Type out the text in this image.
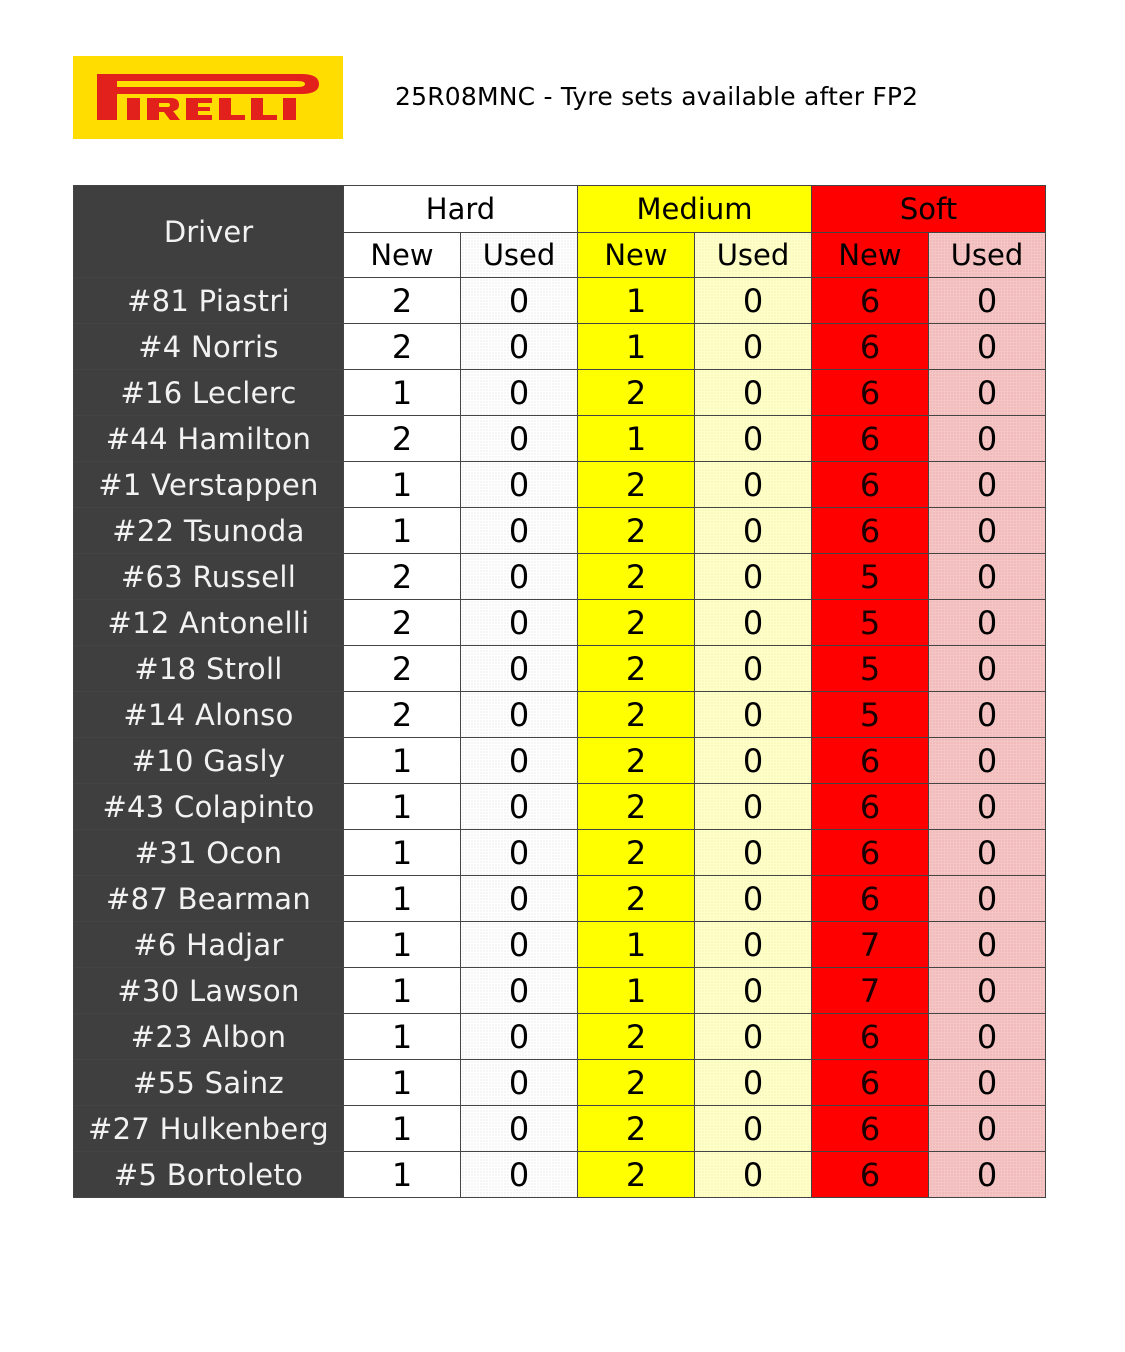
25R08MNC - Tyre sets available after FP2
Driver	Hard		Medium		Soft	
	New	Used	New	Used	New	Used
#81 Piastri	2	0	1	0	6	0
#4 Norris	2	0	1	0	6	0
#16 Leclerc	1	0	2	0	6	0
#44 Hamilton	2	0	1	0	6	0
#1 Verstappen	1	0	2	0	6	0
#22 Tsunoda	1	0	2	0	6	0
#63 Russell	2	0	2	0	5	0
#12 Antonelli	2	0	2	0	5	0
#18 Stroll	2	0	2	0	5	0
#14 Alonso	2	0	2	0	5	0
#10 Gasly	1	0	2	0	6	0
#43 Colapinto	1	0	2	0	6	0
#31 Ocon	1	0	2	0	6	0
#87 Bearman	1	0	2	0	6	0
#6 Hadjar	1	0	1	0	7	0
#30 Lawson	1	0	1	0	7	0
#23 Albon	1	0	2	0	6	0
#55 Sainz	1	0	2	0	6	0
#27 Hulkenberg	1	0	2	0	6	0
#5 Bortoleto	1	0	2	0	6	0
